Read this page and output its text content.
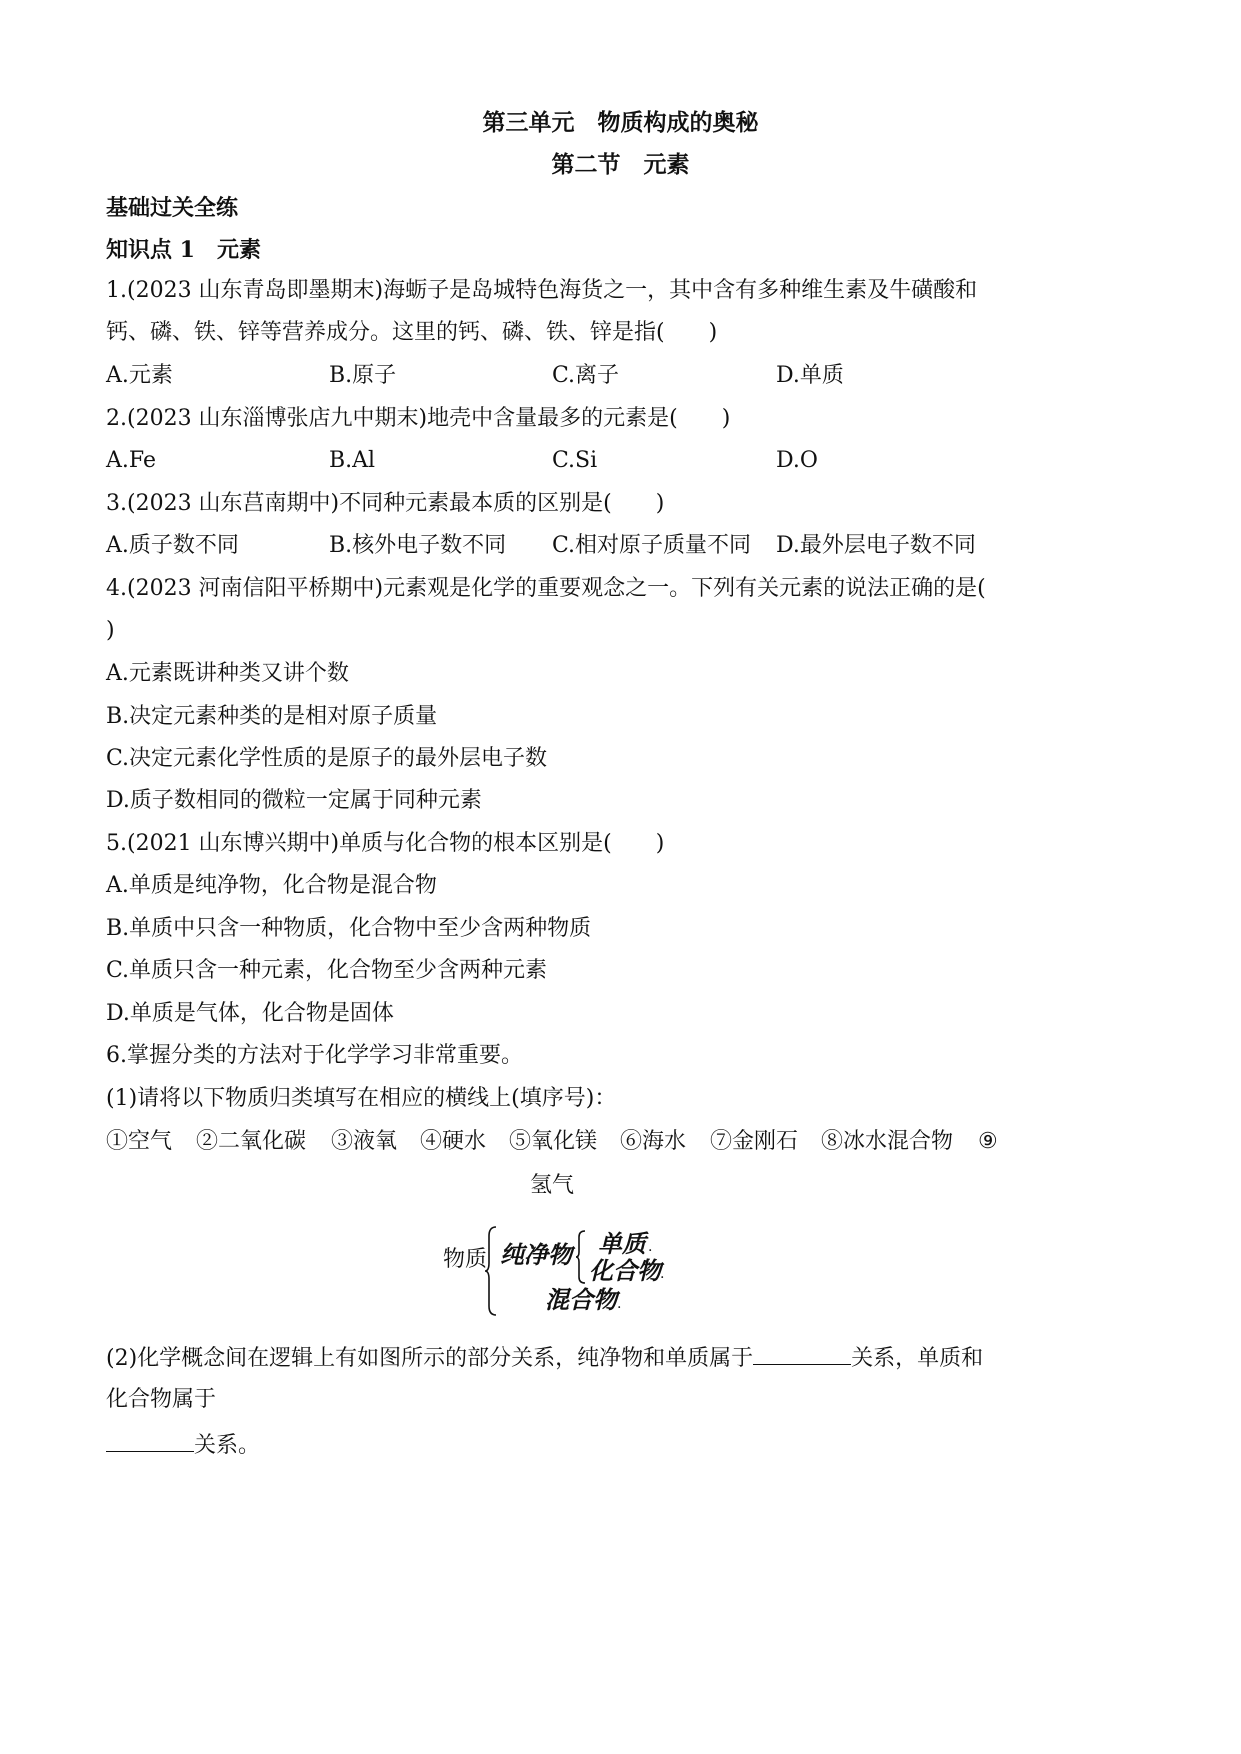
第三单元　物质构成的奥秘
第二节　元素
基础过关全练
知识点 1　元素
1.(2023 山东青岛即墨期末)海蛎子是岛城特色海货之一，其中含有多种维生素及牛磺酸和
钙、磷、铁、锌等营养成分。这里的钙、磷、铁、锌是指(　　)
A.元素	B.原子	C.离子	D.单质
2.(2023 山东淄博张店九中期末)地壳中含量最多的元素是(　　)
A.Fe	B.Al	C.Si	D.O
3.(2023 山东莒南期中)不同种元素最本质的区别是(　　)
A.质子数不同	B.核外电子数不同 C.相对原子质量不同 D.最外层电子数不同
4.(2023 河南信阳平桥期中)元素观是化学的重要观念之一。下列有关元素的说法正确的是(
)
A.元素既讲种类又讲个数
B.决定元素种类的是相对原子质量
C.决定元素化学性质的是原子的最外层电子数
D.质子数相同的微粒一定属于同种元素
5.(2021 山东博兴期中)单质与化合物的根本区别是(　　)
A.单质是纯净物，化合物是混合物
B.单质中只含一种物质，化合物中至少含两种物质
C.单质只含一种元素，化合物至少含两种元素
D.单质是气体，化合物是固体
6.掌握分类的方法对于化学学习非常重要。
(1)请将以下物质归类填写在相应的横线上(填序号)：
①空气 ②二氧化碳 ③液氧 ④硬水 ⑤氧化镁 ⑥海水 ⑦金刚石 ⑧冰水混合物 ⑨
氢气
物质 纯净物 单质 .
化合物 .
混合物 .
(2)化学概念间在逻辑上有如图所示的部分关系，纯净物和单质属于	关系，单质和
化合物属于
关系。
